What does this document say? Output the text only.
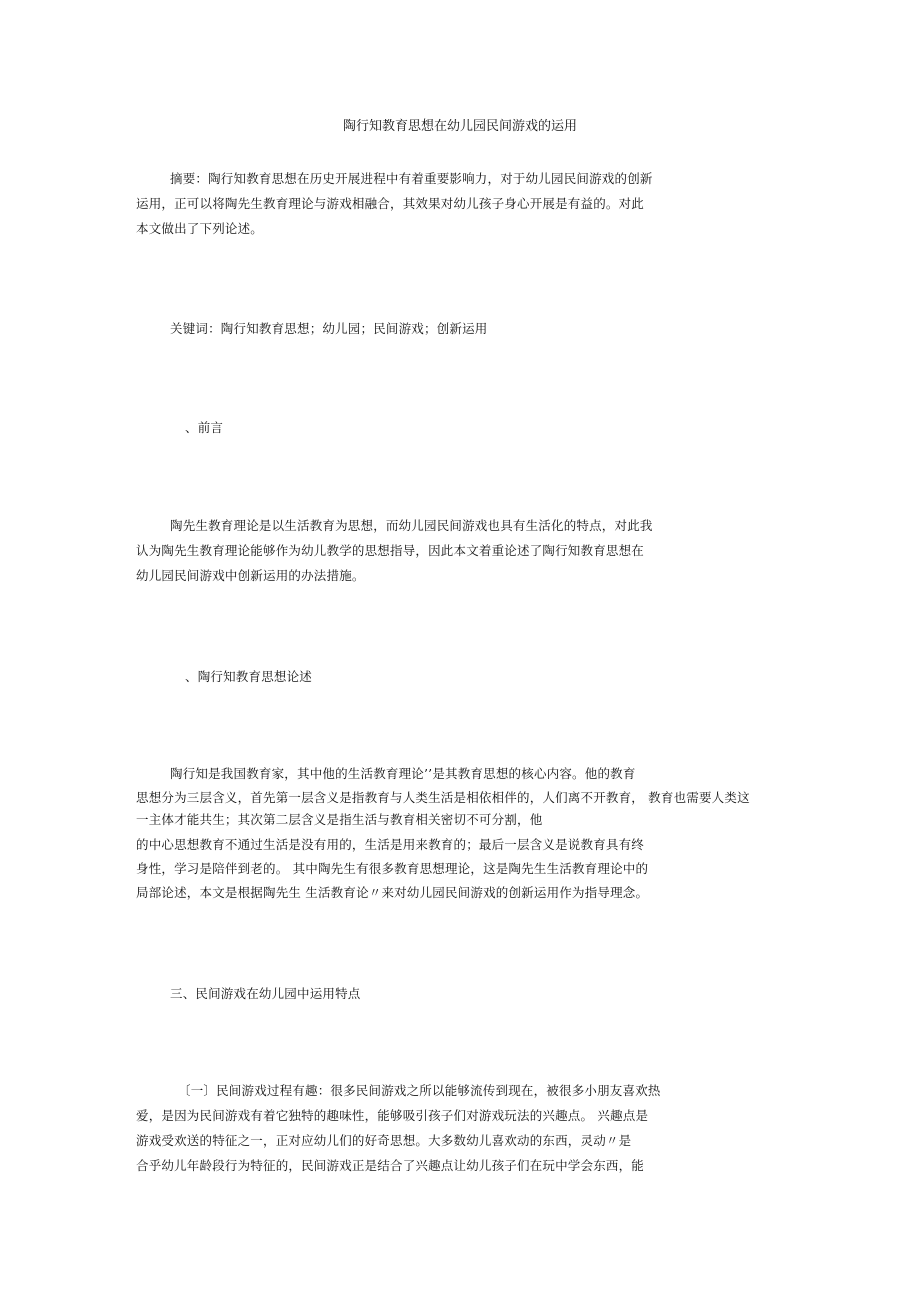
陶行知教育思想在幼儿园民间游戏的运用
摘要：陶行知教育思想在历史开展进程中有着重要影响力，对于幼儿园民间游戏的创新
运用，正可以将陶先生教育理论与游戏相融合，其效果对幼儿孩子身心开展是有益的。对此
本文做出了下列论述。
关键词：陶行知教育思想；幼儿园；民间游戏；创新运用
、前言
陶先生教育理论是以生活教育为思想，而幼儿园民间游戏也具有生活化的特点，对此我
认为陶先生教育理论能够作为幼儿教学的思想指导，因此本文着重论述了陶行知教育思想在
幼儿园民间游戏中创新运用的办法措施。
、陶行知教育思想论述
陶行知是我国教育家，其中他的生活教育理论’’是其教育思想的核心内容。他的教育
思想分为三层含义，首先第一层含义是指教育与人类生活是相依相伴的，人们离不开教育， 教育也需要人类这
一主体才能共生；其次第二层含义是指生活与教育相关密切不可分割，他
的中心思想教育不通过生活是没有用的，生活是用来教育的；最后一层含义是说教育具有终
身性，学习是陪伴到老的。 其中陶先生有很多教育思想理论，这是陶先生生活教育理论中的
局部论述，本文是根据陶先生 生活教育论〃来对幼儿园民间游戏的创新运用作为指导理念。
三、民间游戏在幼儿园中运用特点
〔一〕民间游戏过程有趣：很多民间游戏之所以能够流传到现在，被很多小朋友喜欢热
爱，是因为民间游戏有着它独特的趣味性，能够吸引孩子们对游戏玩法的兴趣点。 兴趣点是
游戏受欢送的特征之一，正对应幼儿们的好奇思想。大多数幼儿喜欢动的东西，灵动〃是
合乎幼儿年龄段行为特征的，民间游戏正是结合了兴趣点让幼儿孩子们在玩中学会东西，能
